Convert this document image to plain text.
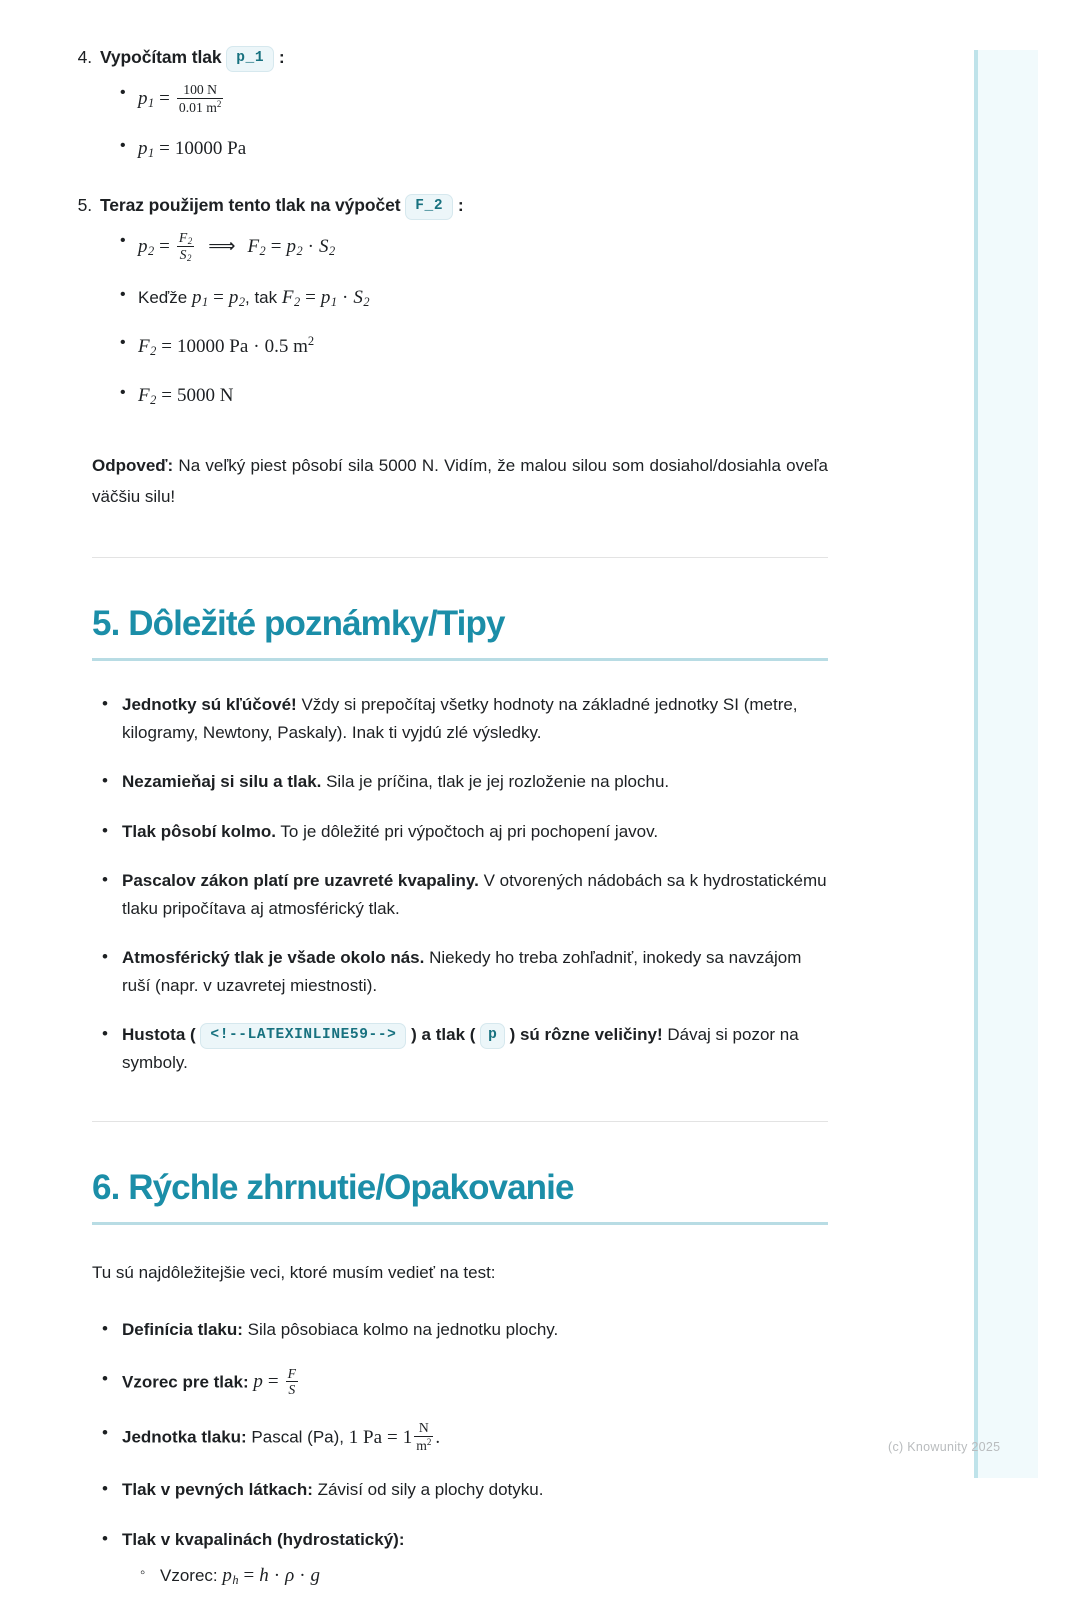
4. Vypočítam tlak p_1 :
• $p_1 = \frac{100 N}{0.01 m^2}$
• $p_1 = 10000$ Pa
5. Teraz použijem tento tlak na výpočet F_2 :
• $p_2 = \frac{F_2}{S_2}$ ⟹ $F_2 = p_2 \cdot S_2$
• Keďže $p_1 = p_2$, tak $F_2 = p_1 \cdot S_2$
• $F_2 = 10000$ Pa · 0.5 $m^2$
• $F_2 = 5000$ N

Odpoveď: Na veľký piest pôsobí sila 5000 N. Vidím, že malou silou som dosiahol/dosiahla oveľa väčšiu silu!

5. Dôležité poznámky/Tipy
• Jednotky sú kľúčové! Vždy si prepočítaj všetky hodnoty na základné jednotky SI (metre, kilogramy, Newtony, Paskaly). Inak ti vyjdú zlé výsledky.
• Nezamieňaj si silu a tlak. Sila je príčina, tlak je jej rozloženie na plochu.
• Tlak pôsobí kolmo. To je dôležité pri výpočtoch aj pri pochopení javov.
• Pascalov zákon platí pre uzavreté kvapaliny. V otvorených nádobách sa k hydrostatickému tlaku pripočítava aj atmosférický tlak.
• Atmosférický tlak je všade okolo nás. Niekedy ho treba zohľadniť, inokedy sa navzájom ruší (napr. v uzavretej miestnosti).
• Hustota ( <!--LATEXINLINE59--> ) a tlak ( p ) sú rôzne veličiny! Dávaj si pozor na symboly.
6. Rýchle zhrnutie/Opakovanie

Tu sú najdôležitejšie veci, ktoré musím vedieť na test:

• Definícia tlaku: Sila pôsobiaca kolmo na jednotku plochy.
• Vzorec pre tlak: $p = \frac{F}{S}$
• Jednotka tlaku: Pascal (Pa), 1 $Pa = 1 \frac{N}{m^2}$ .
• Tlak v pevných látkach: Závisí od sily a plochy dotyku.
• Tlak v kvapalinách (hydrostatický):
◦ Vzorec: $p_h = h \cdot \rho \cdot g$
(c) Knowunity 2025
